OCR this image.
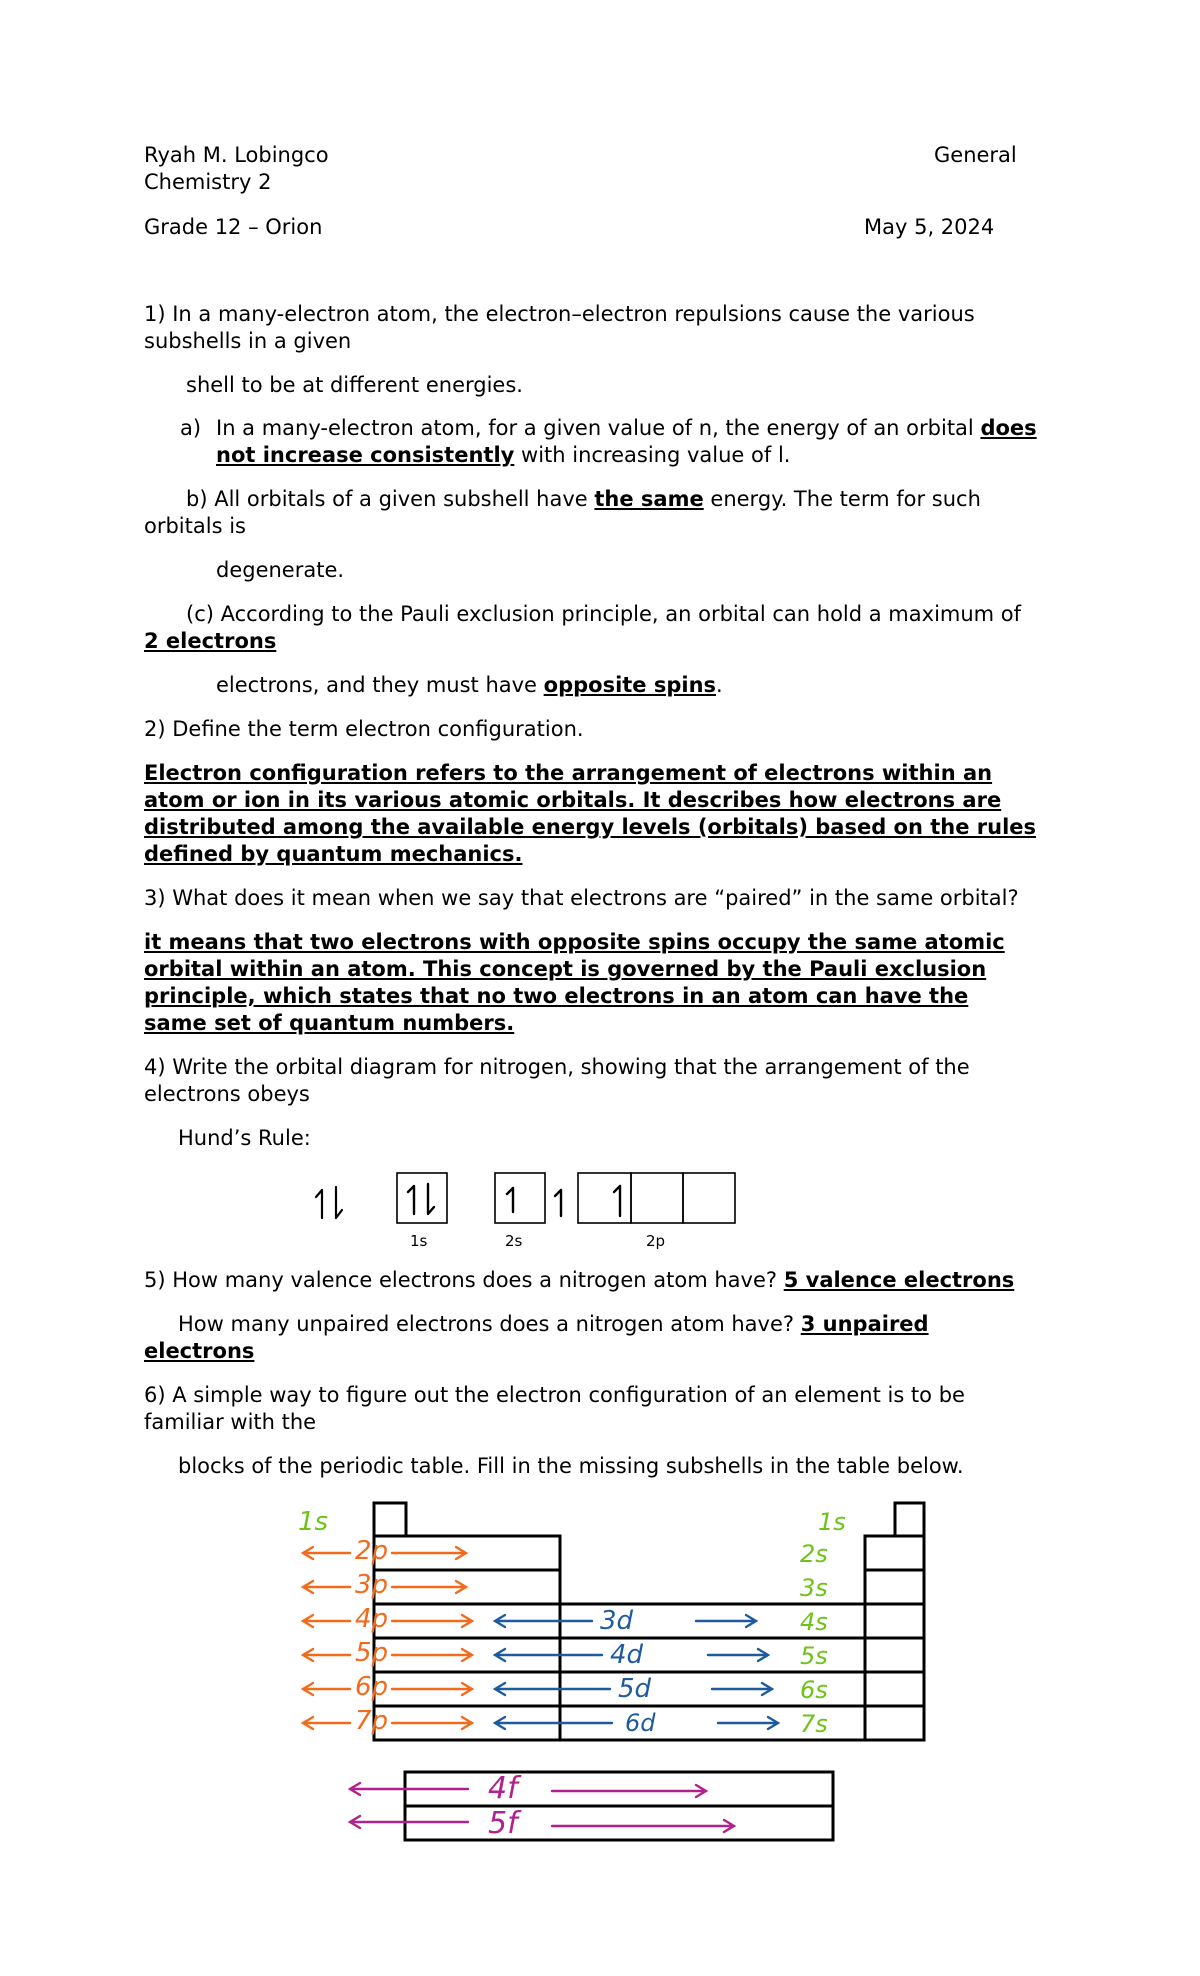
Ryah M. Lobingco	General
Chemistry 2
Grade 12 – Orion	May 5, 2024
1) In a many-electron atom, the electron–electron repulsions cause the various
subshells in a given
shell to be at different energies.
a) In a many-electron atom, for a given value of n, the energy of an orbital does
not increase consistently with increasing value of l.
b) All orbitals of a given subshell have the same energy. The term for such
orbitals is
degenerate.
(c) According to the Pauli exclusion principle, an orbital can hold a maximum of
2 electrons
electrons, and they must have opposite spins.
2) Define the term electron configuration.
Electron configuration refers to the arrangement of electrons within an
atom or ion in its various atomic orbitals. It describes how electrons are
distributed among the available energy levels (orbitals) based on the rules
defined by quantum mechanics.
3) What does it mean when we say that electrons are “paired” in the same orbital?
it means that two electrons with opposite spins occupy the same atomic
orbital within an atom. This concept is governed by the Pauli exclusion
principle, which states that no two electrons in an atom can have the
same set of quantum numbers.
4) Write the orbital diagram for nitrogen, showing that the arrangement of the
electrons obeys
Hund’s Rule:
1s	2s	2p
5) How many valence electrons does a nitrogen atom have? 5 valence electrons
How many unpaired electrons does a nitrogen atom have? 3 unpaired
electrons
6) A simple way to figure out the electron configuration of an element is to be
familiar with the
blocks of the periodic table. Fill in the missing subshells in the table below.
1s
2p
3p
4p
5p
6p
7p
1s
2s
3s
4s
5s
6s
7s
3d
4d
5d
6d
4f
5f
